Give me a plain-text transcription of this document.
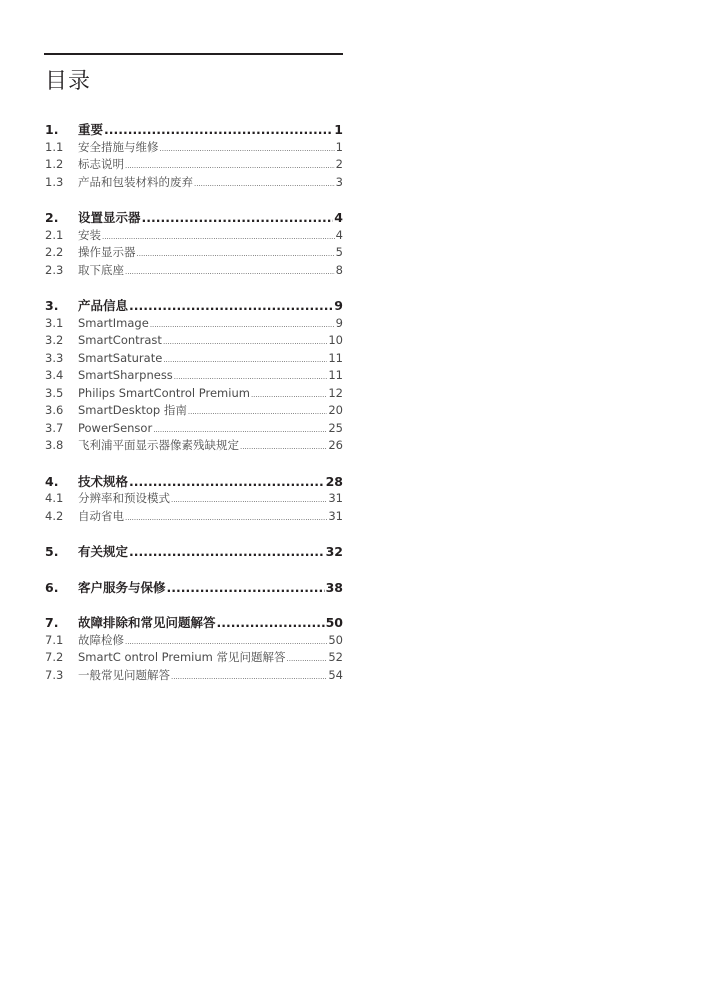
目录
1.	重要 .....	1
1.1	安全措施与维修 .....	1
1.2	标志说明 .....	2
1.3	产品和包装材料的废弃 .....	3
2.	设置显示器 .....	4
2.1	安装 .....	4
2.2	操作显示器 .....	5
2.3	取下底座 .....	8
3.	产品信息 .....	9
3.1	SmartImage .....	9
3.2	SmartContrast .....	10
3.3	SmartSaturate .....	11
3.4	SmartSharpness .....	11
3.5	Philips SmartControl Premium .....	12
3.6	SmartDesktop 指南 .....	20
3.7	PowerSensor .....	25
3.8	飞利浦平面显示器像素残缺规定 .....	26
4.	技术规格 .....	28
4.1	分辨率和预设模式 .....	31
4.2	自动省电 .....	31
5.	有关规定 .....	32
6.	客户服务与保修 .....	38
7.	故障排除和常见问题解答 .....	50
7.1	故障检修 .....	50
7.2	SmartC ontrol Premium 常见问题解答 .....	52
7.3	一般常见问题解答 .....	54
